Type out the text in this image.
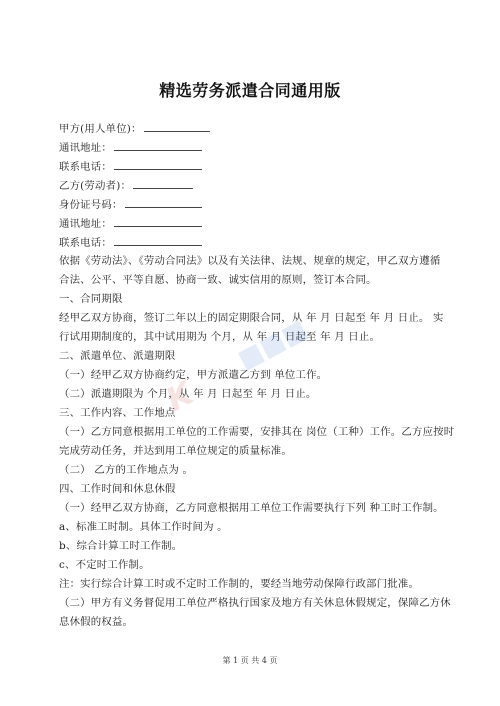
精选劳务派遣合同通用版
甲方(用人单位)：
通讯地址：
联系电话：
乙方(劳动者)：
身份证号码：
通讯地址：
联系电话：
依据《劳动法》、《劳动合同法》以及有关法律、法规、规章的规定，甲乙双方遵循
合法、公平、平等自愿、协商一致、诚实信用的原则，签订本合同。
一、合同期限
经甲乙双方协商，签订二年以上的固定期限合同，从 年 月 日起至 年 月 日止。 实
行试用期制度的，其中试用期为 个月，从 年 月 日起至 年 月 日止。
二、派遣单位、派遣期限
（一）经甲乙双方协商约定，甲方派遣乙方到 单位工作。
（二）派遣期限为 个月，从 年 月 日起至 年 月 日止。
三、工作内容、工作地点
（一）乙方同意根据用工单位的工作需要，安排其在 岗位（工种）工作。乙方应按时
完成劳动任务，并达到用工单位规定的质量标准。
（二） 乙方的工作地点为 。
四、工作时间和休息休假
（一）经甲乙双方协商，乙方同意根据用工单位工作需要执行下列 种工时工作制。
a、标准工时制。具体工作时间为 。
b、综合计算工时工作制。
c、不定时工作制。
注：实行综合计算工时或不定时工作制的，要经当地劳动保障行政部门批准。
（二）甲方有义务督促用工单位严格执行国家及地方有关休息休假规定，保障乙方休
息休假的权益。
K
■■■
第 1 页 共 4 页
